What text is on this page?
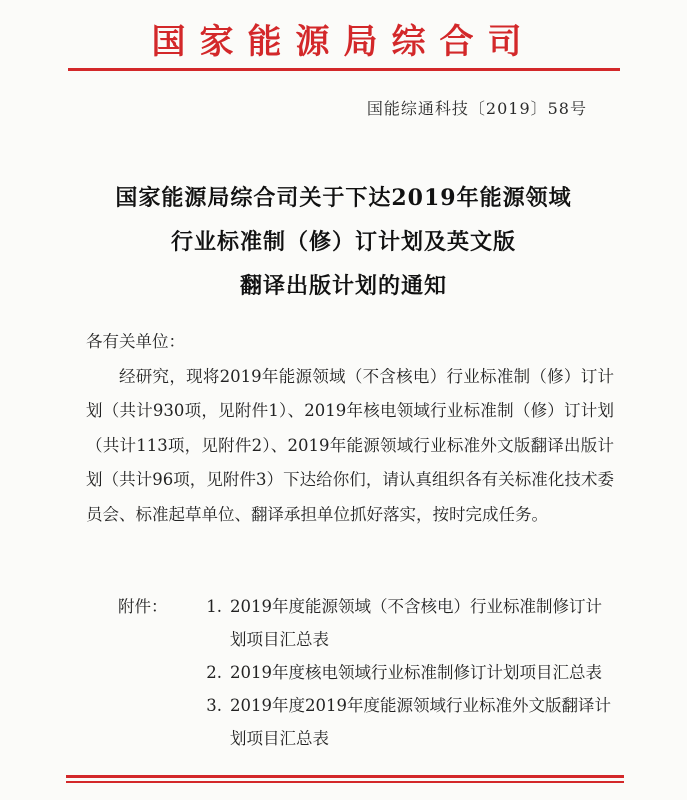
国家能源局综合司
国能综通科技〔2019〕58号
国家能源局综合司关于下达2019年能源领域
行业标准制（修）订计划及英文版
翻译出版计划的通知
各有关单位：

经研究，现将2019年能源领域（不含核电）行业标准制（修）订计划（共计930项，见附件1）、2019年核电领域行业标准制（修）订计划（共计113项，见附件2）、2019年能源领域行业标准外文版翻译出版计划（共计96项，见附件3）下达给你们，请认真组织各有关标准化技术委员会、标准起草单位、翻译承担单位抓好落实，按时完成任务。

附件：	1. 2019年度能源领域（不含核电）行业标准制修订计划项目汇总表
2. 2019年度核电领域行业标准制修订计划项目汇总表
3. 2019年度2019年度能源领域行业标准外文版翻译计划项目汇总表
